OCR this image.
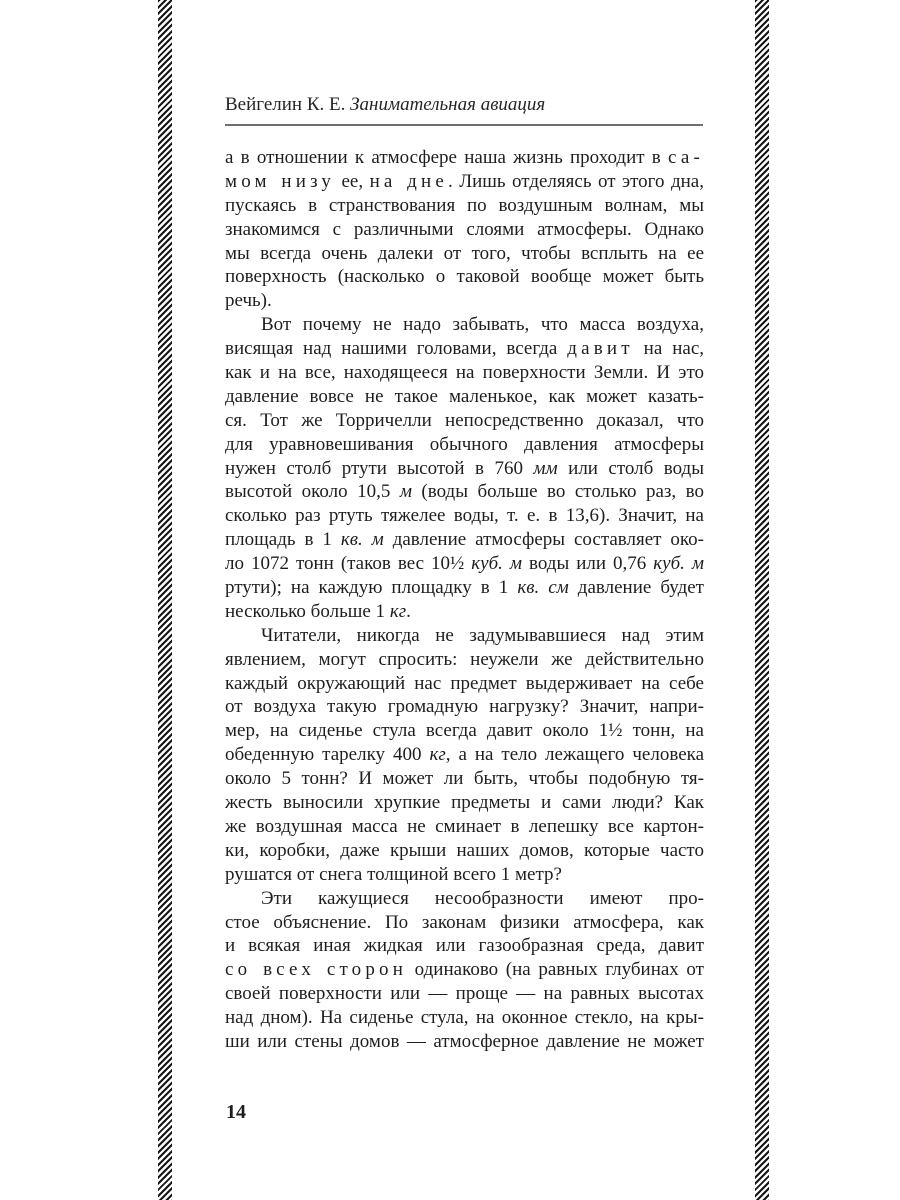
Вейгелин К. Е. Занимательная авиация
а в отношении к атмосфере наша жизнь проходит в са-
мом низу ее, на дне. Лишь отделяясь от этого дна,
пускаясь в странствования по воздушным волнам, мы
знакомимся с различными слоями атмосферы. Однако
мы всегда очень далеки от того, чтобы всплыть на ее
поверхность (насколько о таковой вообще может быть
речь).
Вот почему не надо забывать, что масса воздуха,
висящая над нашими головами, всегда давит на нас,
как и на все, находящееся на поверхности Земли. И это
давление вовсе не такое маленькое, как может казать-
ся. Тот же Торричелли непосредственно доказал, что
для уравновешивания обычного давления атмосферы
нужен столб ртути высотой в 760 мм или столб воды
высотой около 10,5 м (воды больше во столько раз, во
сколько раз ртуть тяжелее воды, т. е. в 13,6). Значит, на
площадь в 1 кв. м давление атмосферы составляет око-
ло 1072 тонн (таков вес 10½ куб. м воды или 0,76 куб. м
ртути); на каждую площадку в 1 кв. см давление будет
несколько больше 1 кг.
Читатели, никогда не задумывавшиеся над этим
явлением, могут спросить: неужели же действительно
каждый окружающий нас предмет выдерживает на себе
от воздуха такую громадную нагрузку? Значит, напри-
мер, на сиденье стула всегда давит около 1½ тонн, на
обеденную тарелку 400 кг, а на тело лежащего человека
около 5 тонн? И может ли быть, чтобы подобную тя-
жесть выносили хрупкие предметы и сами люди? Как
же воздушная масса не сминает в лепешку все картон-
ки, коробки, даже крыши наших домов, которые часто
рушатся от снега толщиной всего 1 метр?
Эти кажущиеся несообразности имеют про-
стое объяснение. По законам физики атмосфера, как
и всякая иная жидкая или газообразная среда, давит
со всех сторон одинаково (на равных глубинах от
своей поверхности или — проще — на равных высотах
над дном). На сиденье стула, на оконное стекло, на кры-
ши или стены домов — атмосферное давление не может
14
